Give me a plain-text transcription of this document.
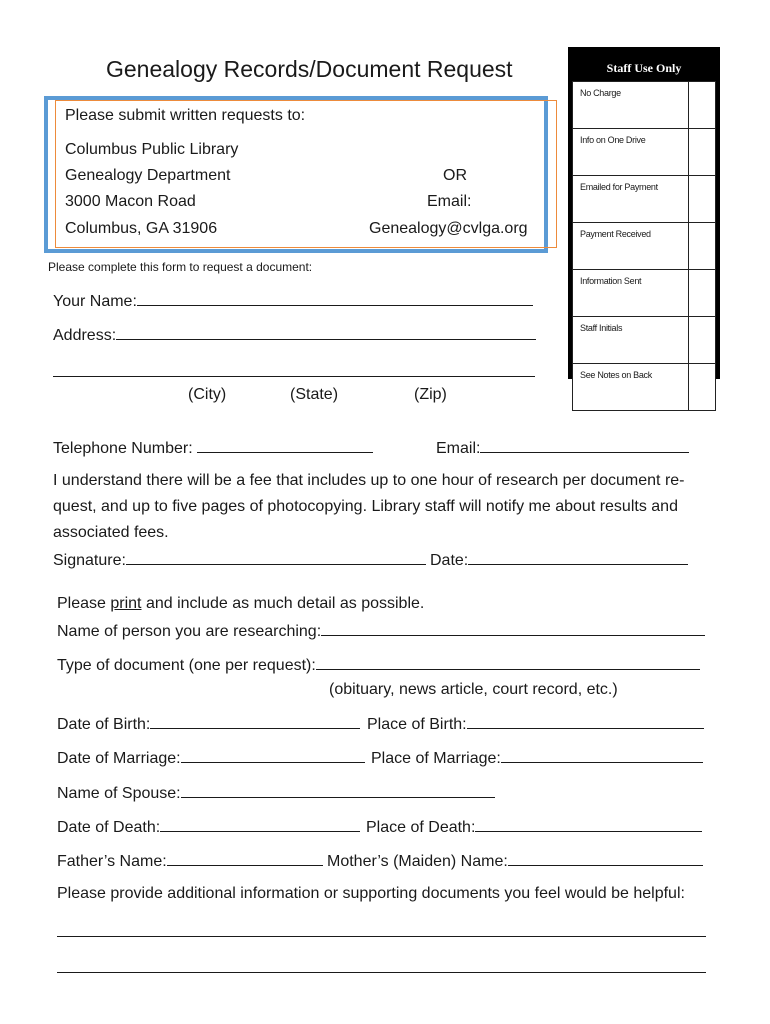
Genealogy Records/Document Request
Please submit written requests to:
Columbus Public Library
Genealogy Department
3000 Macon Road
Columbus, GA 31906
OR
Email:
Genealogy@cvlga.org
Staff Use Only
No Charge	
Info on One Drive	
Emailed for Payment	
Payment Received	
Information Sent	
Staff Initials	
See Notes on Back	
Please complete this form to request a document:
Your Name:
Address:
(City)	(State)	(Zip)
Telephone Number:	Email:
I understand there will be a fee that includes up to one hour of research per document re-
quest, and up to five pages of photocopying. Library staff will notify me about results and
associated fees.
Signature:	Date:
Please print and include as much detail as possible.
Name of person you are researching:
Type of document (one per request):
(obituary, news article, court record, etc.)
Date of Birth:	Place of Birth:
Date of Marriage:	Place of Marriage:
Name of Spouse:
Date of Death:	Place of Death:
Father’s Name:	Mother’s (Maiden) Name:
Please provide additional information or supporting documents you feel would be helpful:
